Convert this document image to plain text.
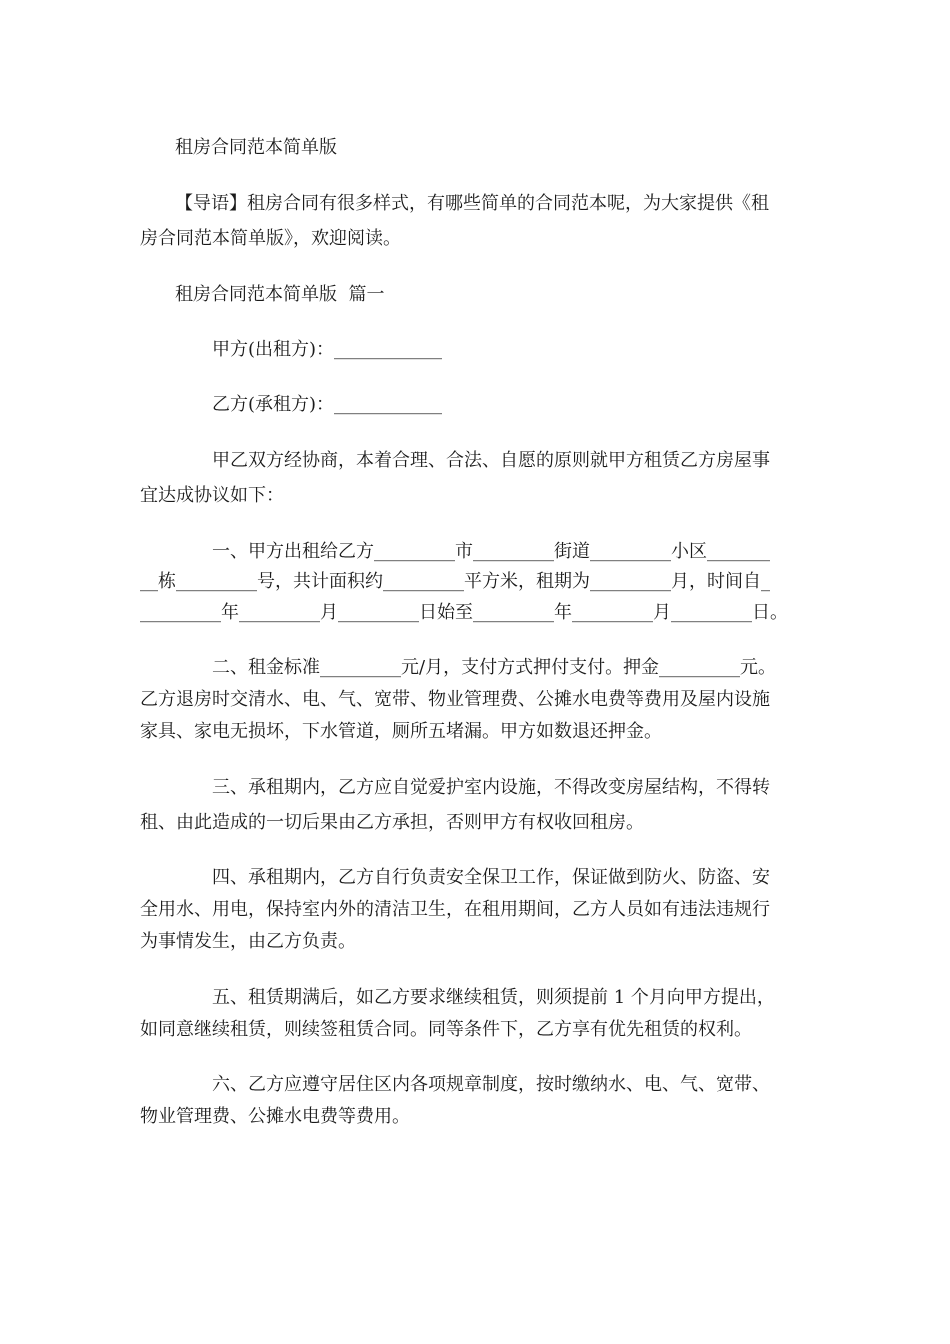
租房合同范本简单版
【导语】租房合同有很多样式，有哪些简单的合同范本呢，为大家提供《租
房合同范本简单版》，欢迎阅读。
租房合同范本简单版  篇一
甲方(出租方)：____________
乙方(承租方)：____________
甲乙双方经协商，本着合理、合法、自愿的原则就甲方租赁乙方房屋事
宜达成协议如下：
一、甲方出租给乙方_________市_________街道_________小区_______
__栋_________号，共计面积约_________平方米，租期为_________月，时间自_
_________年_________月_________日始至_________年_________月_________日。
二、租金标准_________元/月，支付方式押付支付。押金_________元。
乙方退房时交清水、电、气、宽带、物业管理费、公摊水电费等费用及屋内设施
家具、家电无损坏，下水管道，厕所五堵漏。甲方如数退还押金。
三、承租期内，乙方应自觉爱护室内设施，不得改变房屋结构，不得转
租、由此造成的一切后果由乙方承担，否则甲方有权收回租房。
四、承租期内，乙方自行负责安全保卫工作，保证做到防火、防盗、安
全用水、用电，保持室内外的清洁卫生，在租用期间，乙方人员如有违法违规行
为事情发生，由乙方负责。
五、租赁期满后，如乙方要求继续租赁，则须提前 1 个月向甲方提出，
如同意继续租赁，则续签租赁合同。同等条件下，乙方享有优先租赁的权利。
六、乙方应遵守居住区内各项规章制度，按时缴纳水、电、气、宽带、
物业管理费、公摊水电费等费用。
